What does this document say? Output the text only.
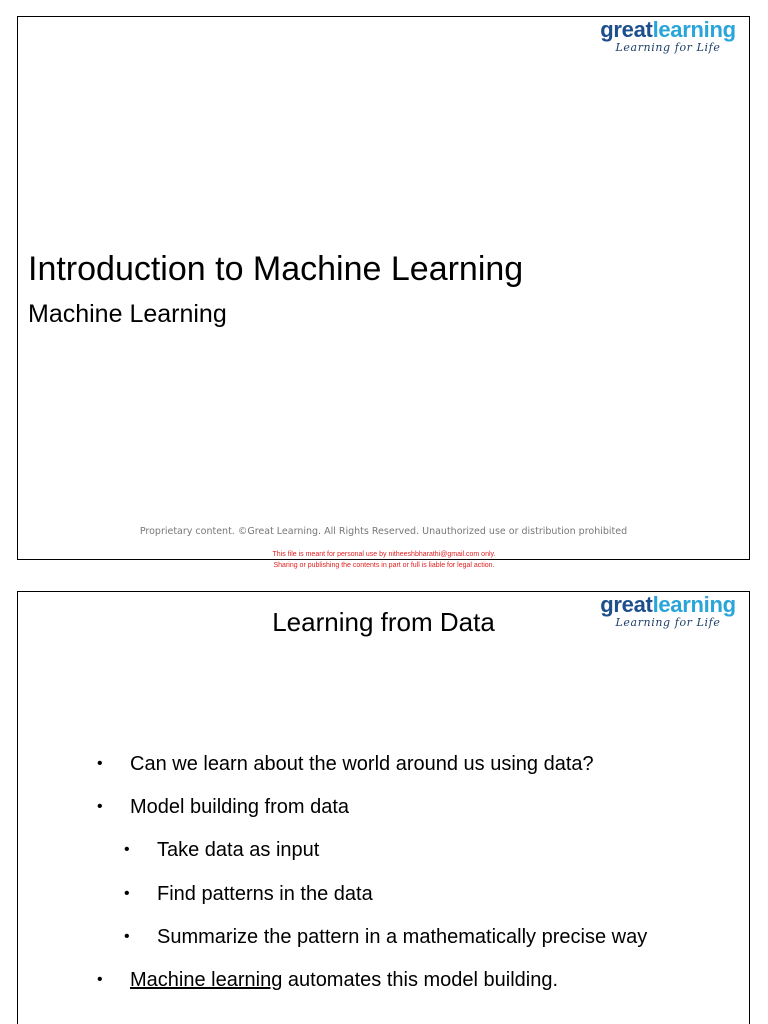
greatlearning
Learning for Life
Introduction to Machine Learning
Machine Learning
Proprietary content. ©Great Learning. All Rights Reserved. Unauthorized use or distribution prohibited
This file is meant for personal use by nitheeshbharathi@gmail.com only.
Sharing or publishing the contents in part or full is liable for legal action.
greatlearning
Learning for Life
Learning from Data
• Can we learn about the world around us using data?
• Model building from data
• Take data as input
• Find patterns in the data
• Summarize the pattern in a mathematically precise way
• Machine learning automates this model building.
